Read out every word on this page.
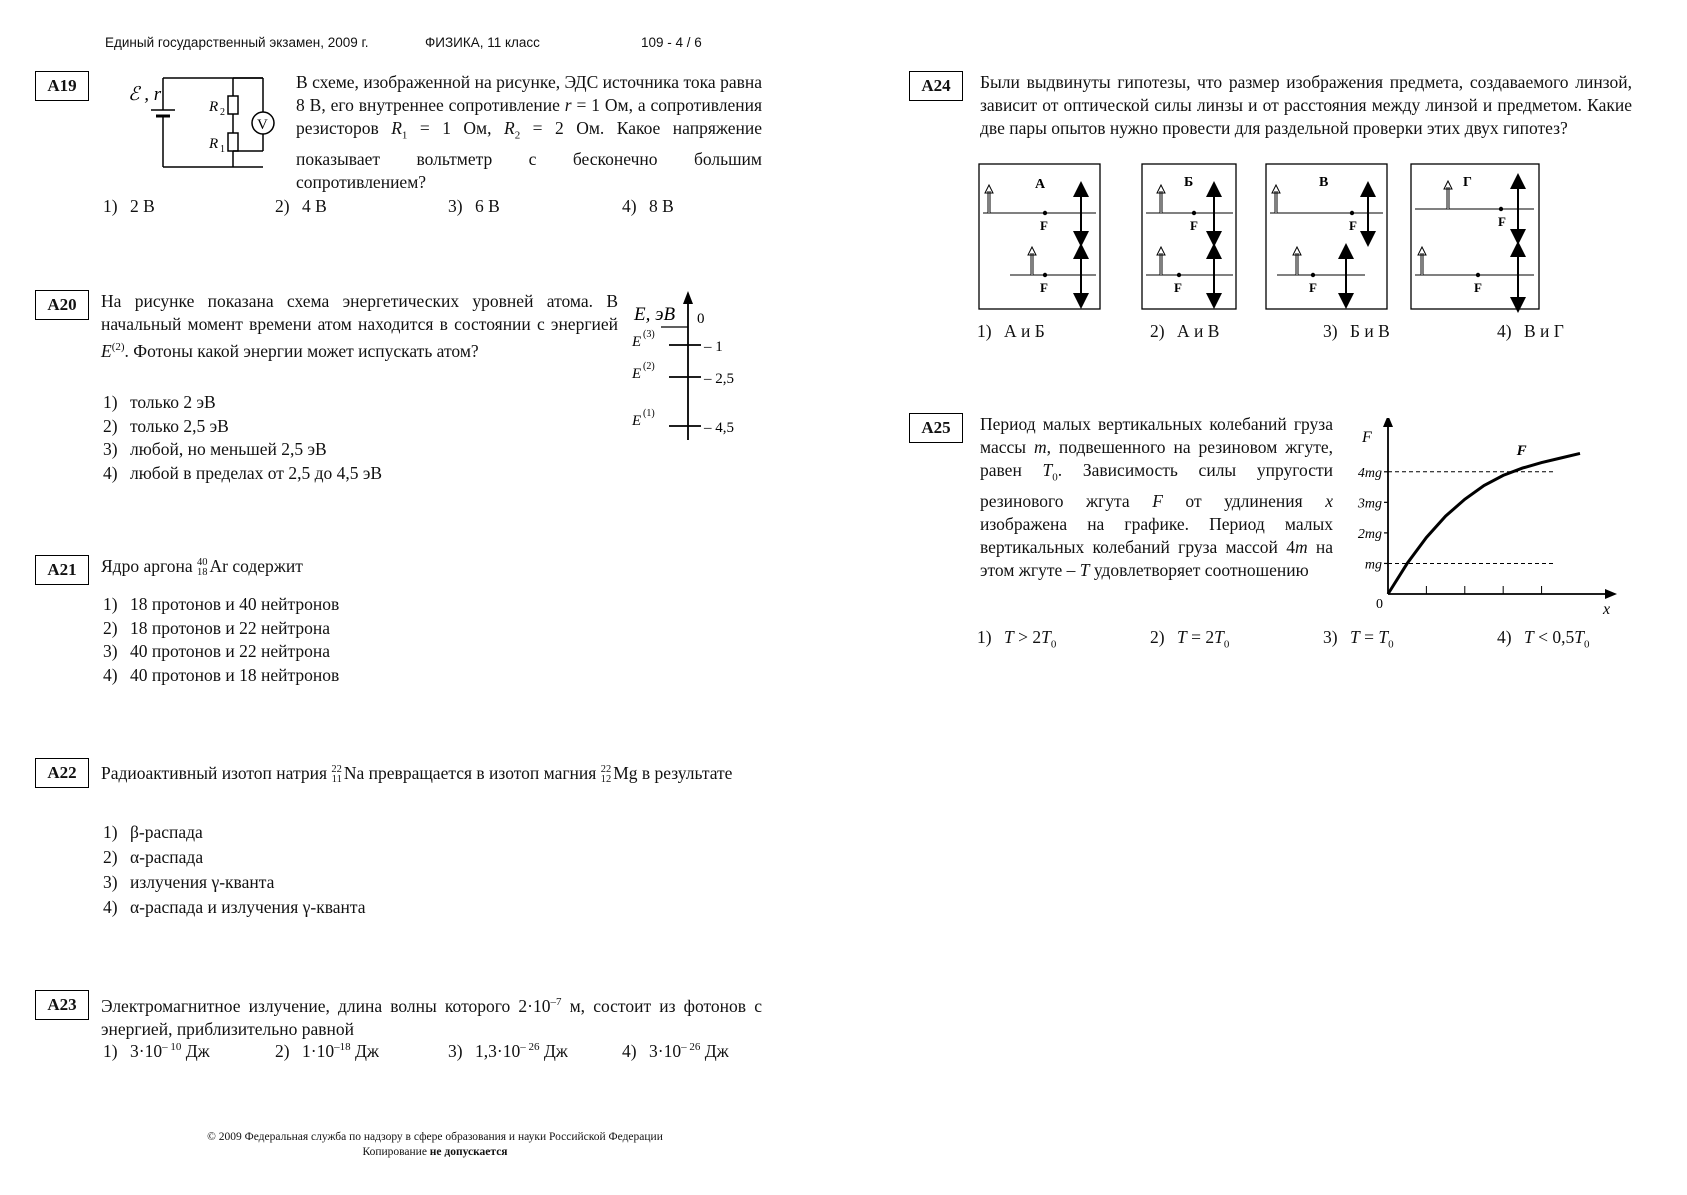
Единый государственный экзамен, 2009 г.	ФИЗИКА, 11 класс	109 - 4 / 6
A19	ℰ , r
R 2
R 1
V
В схеме, изображенной на рисунке, ЭДС источника тока равна 8 В, его внутреннее сопротивление r = 1 Ом, а сопротивления резисторов $R_1 = 1$ Ом, $R_2 = 2$ Ом. Какое напряжение показывает вольтметр с бесконечно большим сопротивлением?
1) 2 В	2) 4 В	3) 6 В	4) 8 В
A20	На рисунке показана схема энергетических уровней атома. В начальный момент времени атом находится в состоянии с энергией $E^{(2)}$. Фотоны какой энергии может испускать атом?
1) только 2 эВ
2) только 2,5 эВ
3) любой, но меньшей 2,5 эВ
4) любой в пределах от 2,5 до 4,5 эВ
E, эВ 0
E (3)
– 1
E (2)
– 2,5
E (1)
– 4,5
A21	Ядро аргона 40
18 Ar содержит
1) 18 протонов и 40 нейтронов
2) 18 протонов и 22 нейтрона
3) 40 протонов и 22 нейтрона
4) 40 протонов и 18 нейтронов
A22	Радиоактивный изотоп натрия 22
11 Na превращается в изотоп магния 22
12 Mg в результате
1) β-распада
2) α-распада
3) излучения γ-кванта
4) α-распада и излучения γ-кванта
A23	Электромагнитное излучение, длина волны которого $2\cdot 10^{-7}$ м, состоит из фотонов с энергией, приблизительно равной
1) $3\cdot 10^{- 10}$ Дж	2) $1\cdot 10^{-18}$ Дж	3) $1,3\cdot 10^{- 26}$ Дж	4) $3\cdot 10^{- 26}$ Дж
A24	Были выдвинуты гипотезы, что размер изображения предмета, создаваемого линзой, зависит от оптической силы линзы и от расстояния между линзой и предметом. Какие две пары опытов нужно провести для раздельной проверки этих двух гипотез?
А
F
F
Б
F
F
В
F
F
Г
F
F
1) А и Б	2) А и В	3) Б и В	4) В и Г
A25	Период малых вертикальных колебаний груза массы m, подвешенного на резиновом жгуте, равен $T_0$. Зависимость силы упругости резинового жгута F от удлинения x изображена на графике. Период малых вертикальных колебаний груза массой 4m на этом жгуте – T удовлетворяет соотношению	mg
2mg
3mg
4mg
F
x
0
F
1) $T > 2T_0$	2) $T = 2T_0$	3) $T = T_0$	4) $T < 0,5T_0$
© 2009 Федеральная служба по надзору в сфере образования и науки Российской Федерации
Копирование не допускается
